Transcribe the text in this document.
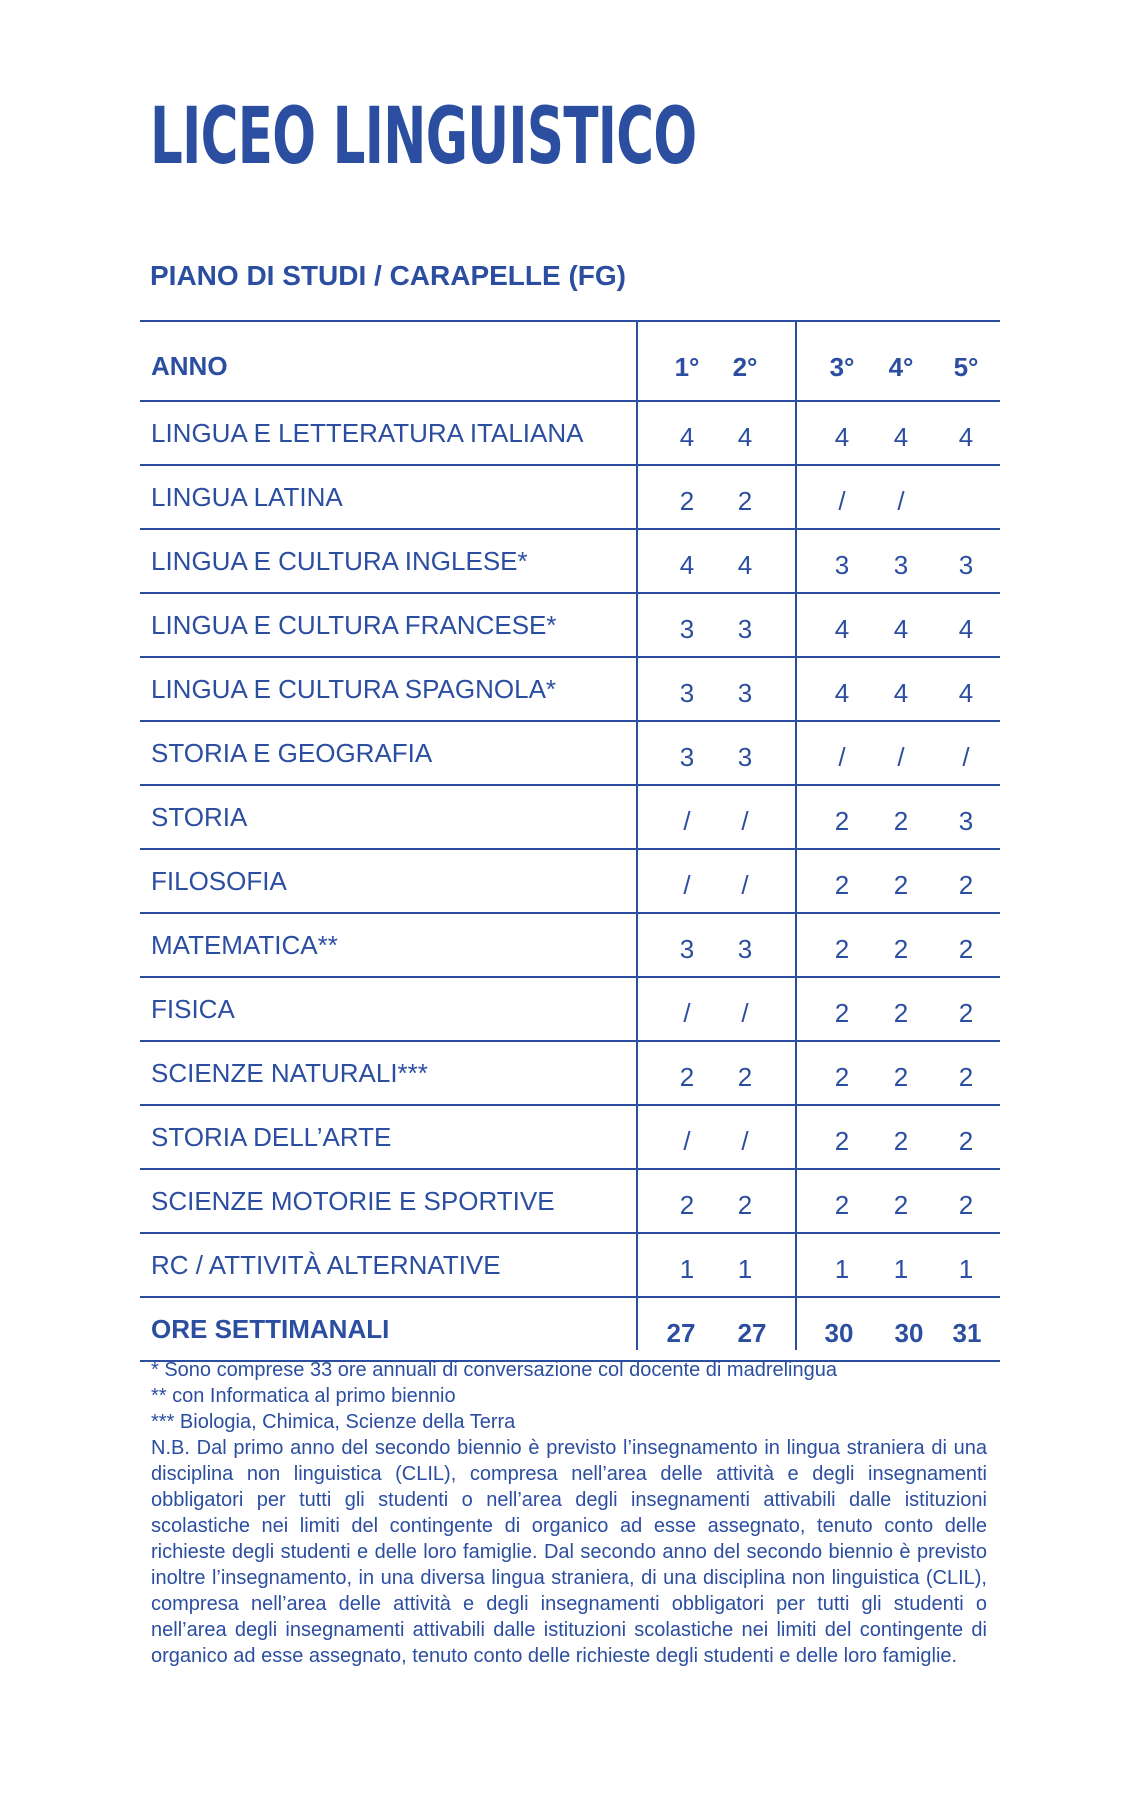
LICEO LINGUISTICO
PIANO DI STUDI / CARAPELLE (FG)
ANNO	1°	2°	3°	4°	5°
LINGUA E LETTERATURA ITALIANA	4	4	4	4	4
LINGUA LATINA	2	2	/	/
LINGUA E CULTURA INGLESE*	4	4	3	3	3
LINGUA E CULTURA FRANCESE*	3	3	4	4	4
LINGUA E CULTURA SPAGNOLA*	3	3	4	4	4
STORIA E GEOGRAFIA	3	3	/	/	/
STORIA	/	/	2	2	3
FILOSOFIA	/	/	2	2	2
MATEMATICA**	3	3	2	2	2
FISICA	/	/	2	2	2
SCIENZE NATURALI***	2	2	2	2	2
STORIA DELL’ARTE	/	/	2	2	2
SCIENZE MOTORIE E SPORTIVE	2	2	2	2	2
RC / ATTIVITÀ ALTERNATIVE	1	1	1	1	1
ORE SETTIMANALI	27	27	30	30	31

* Sono comprese 33 ore annuali di conversazione col docente di madrelingua

** con Informatica al primo biennio

*** Biologia, Chimica, Scienze della Terra

N.B. Dal primo anno del secondo biennio è previsto l’insegnamento in lingua straniera di una disciplina non linguistica (CLIL), compresa nell’area delle attività e degli insegnamenti obbligatori per tutti gli studenti o nell’area degli insegnamenti attivabili dalle istituzioni scolastiche nei limiti del contingente di organico ad esse assegnato, tenuto conto delle richieste degli studenti e delle loro famiglie. Dal secondo anno del secondo biennio è previsto inoltre l’insegnamento, in una diversa lingua straniera, di una disciplina non linguistica (CLIL), compresa nell’area delle attività e degli insegnamenti obbligatori per tutti gli studenti o nell’area degli insegnamenti attivabili dalle istituzioni scolastiche nei limiti del contingente di organico ad esse assegnato, tenuto conto delle richieste degli studenti e delle loro famiglie.
